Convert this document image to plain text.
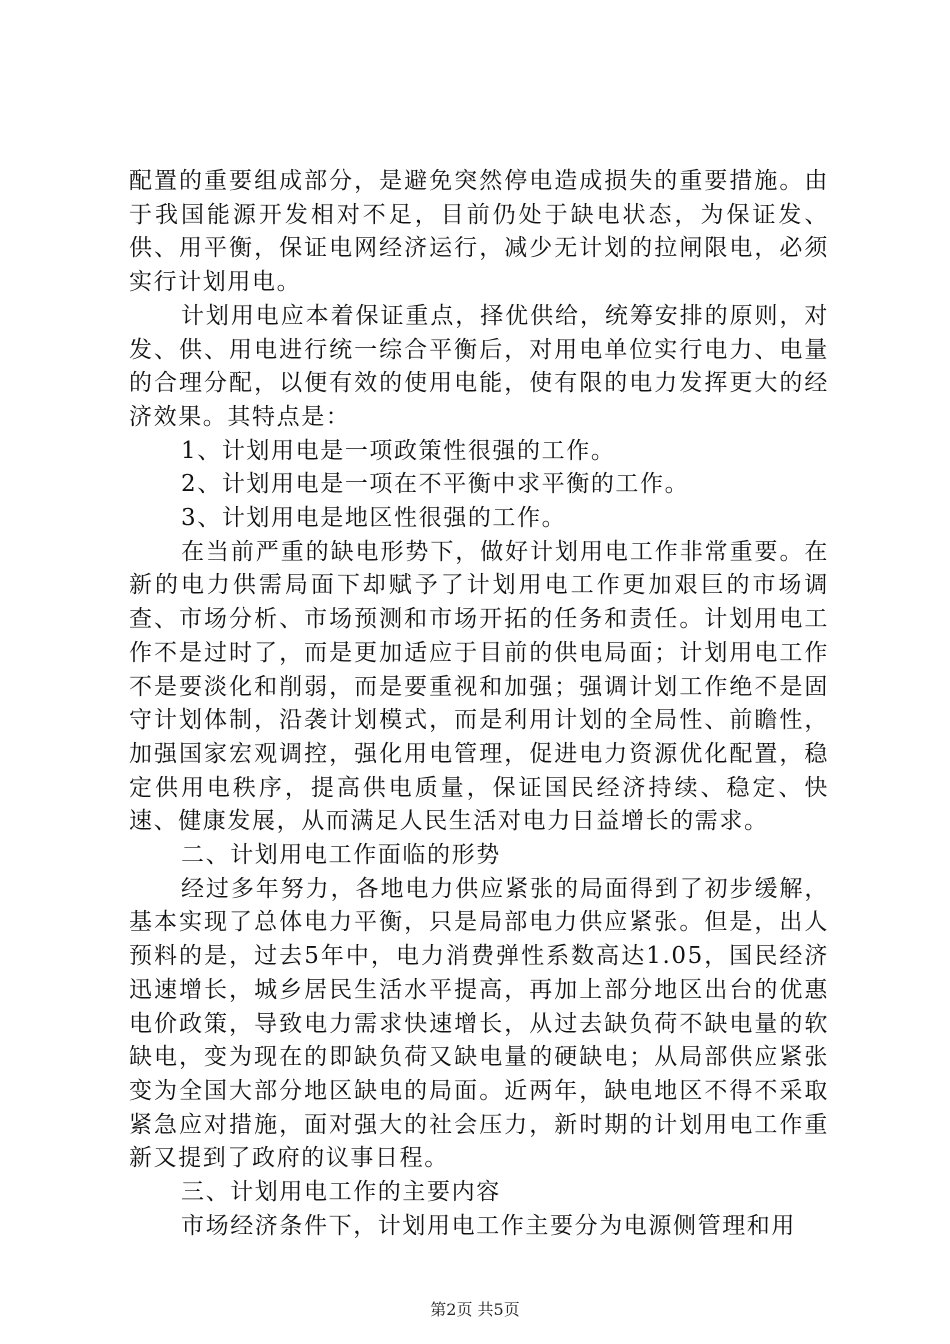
配置的重要组成部分，是避免突然停电造成损失的重要措施。由于我国能源开发相对不足，目前仍处于缺电状态，为保证发、供、用平衡，保证电网经济运行，减少无计划的拉闸限电，必须实行计划用电。

计划用电应本着保证重点，择优供给，统筹安排的原则，对发、供、用电进行统一综合平衡后，对用电单位实行电力、电量的合理分配，以便有效的使用电能，使有限的电力发挥更大的经济效果。其特点是：

1、计划用电是一项政策性很强的工作。

2、计划用电是一项在不平衡中求平衡的工作。

3、计划用电是地区性很强的工作。

在当前严重的缺电形势下，做好计划用电工作非常重要。在新的电力供需局面下却赋予了计划用电工作更加艰巨的市场调查、市场分析、市场预测和市场开拓的任务和责任。计划用电工作不是过时了，而是更加适应于目前的供电局面；计划用电工作不是要淡化和削弱，而是要重视和加强；强调计划工作绝不是固守计划体制，沿袭计划模式，而是利用计划的全局性、前瞻性，加强国家宏观调控，强化用电管理，促进电力资源优化配置，稳定供用电秩序，提高供电质量，保证国民经济持续、稳定、快速、健康发展，从而满足人民生活对电力日益增长的需求。

二、计划用电工作面临的形势

经过多年努力，各地电力供应紧张的局面得到了初步缓解，基本实现了总体电力平衡，只是局部电力供应紧张。但是，出人预料的是，过去5年中，电力消费弹性系数高达1.05，国民经济迅速增长，城乡居民生活水平提高，再加上部分地区出台的优惠电价政策，导致电力需求快速增长，从过去缺负荷不缺电量的软缺电，变为现在的即缺负荷又缺电量的硬缺电；从局部供应紧张变为全国大部分地区缺电的局面。近两年，缺电地区不得不采取紧急应对措施，面对强大的社会压力，新时期的计划用电工作重新又提到了政府的议事日程。

三、计划用电工作的主要内容

市场经济条件下，计划用电工作主要分为电源侧管理和用

第2页 共5页
